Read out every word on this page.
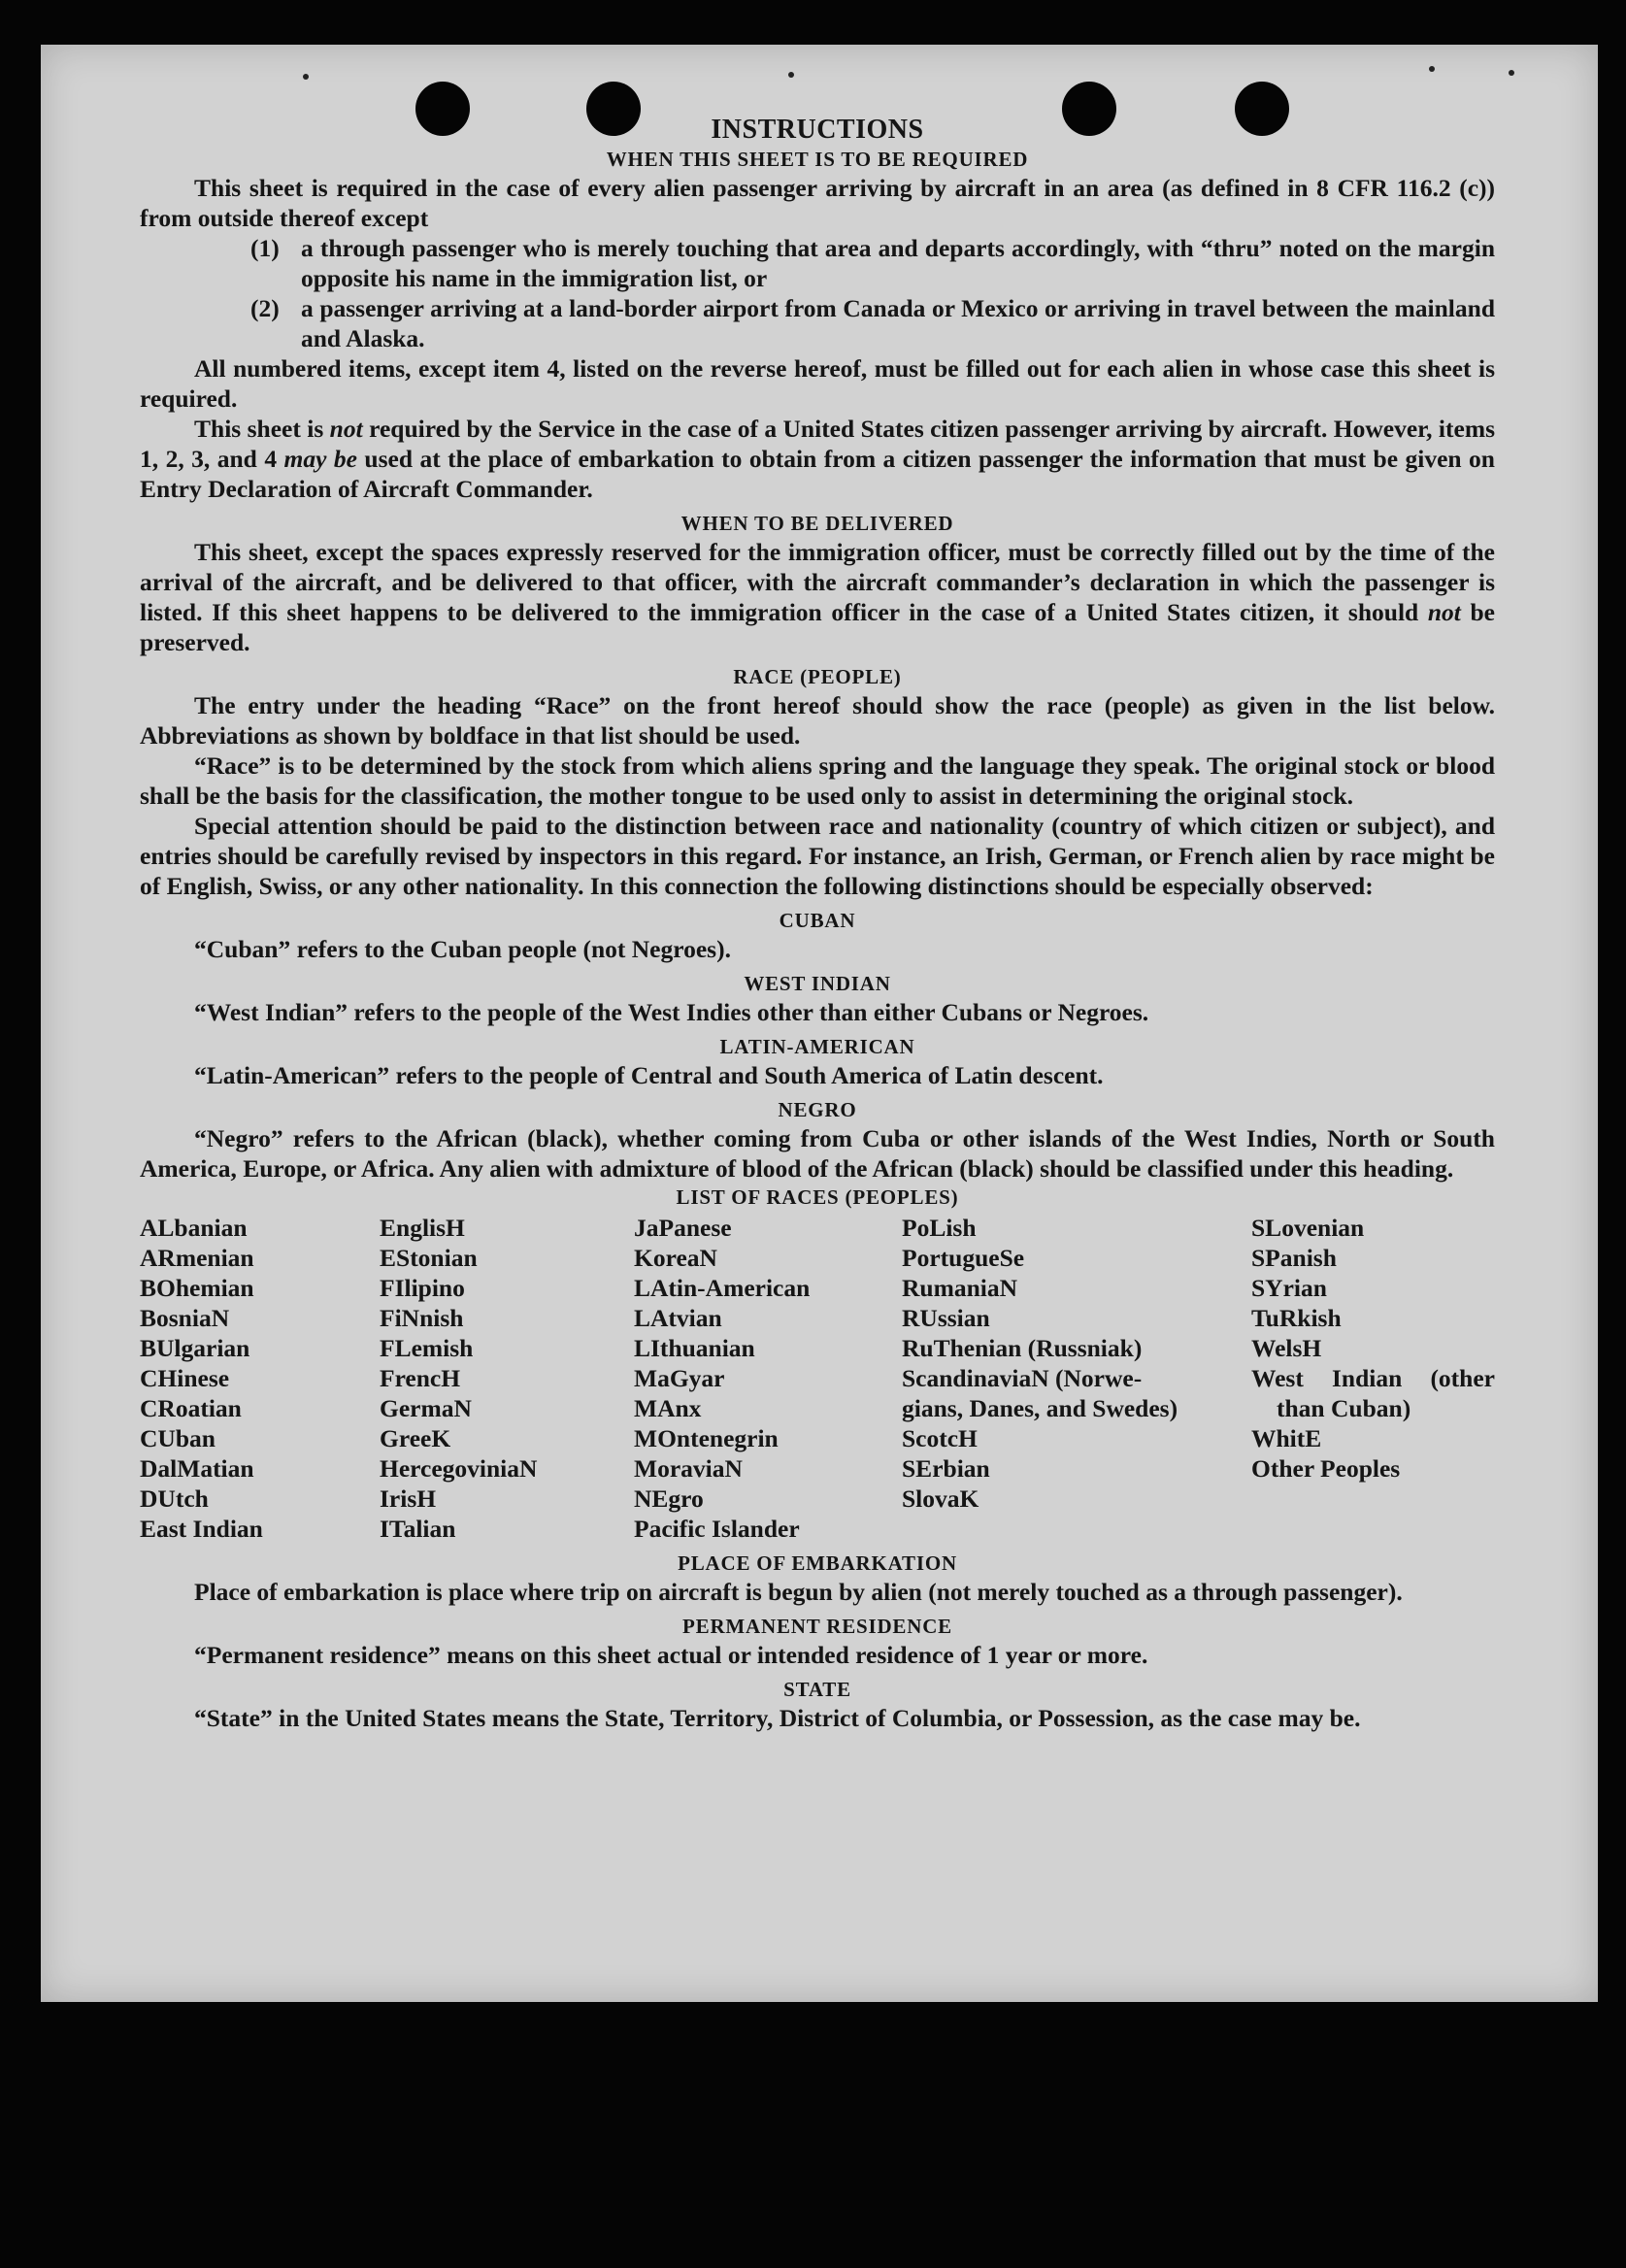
INSTRUCTIONS
WHEN THIS SHEET IS TO BE REQUIRED

This sheet is required in the case of every alien passenger arriving by aircraft in an area (as defined in 8 CFR 116.2 (c)) from outside thereof except

(1) a through passenger who is merely touching that area and departs accordingly, with “thru” noted on the margin opposite his name in the immigration list, or
(2) a passenger arriving at a land-border airport from Canada or Mexico or arriving in travel between the mainland and Alaska.

All numbered items, except item 4, listed on the reverse hereof, must be filled out for each alien in whose case this sheet is required.

This sheet is not required by the Service in the case of a United States citizen passenger arriving by aircraft. However, items 1, 2, 3, and 4 may be used at the place of embarkation to obtain from a citizen passenger the information that must be given on Entry Declaration of Aircraft Commander.

WHEN TO BE DELIVERED

This sheet, except the spaces expressly reserved for the immigration officer, must be correctly filled out by the time of the arrival of the aircraft, and be delivered to that officer, with the aircraft commander’s declaration in which the passenger is listed. If this sheet happens to be delivered to the immigration officer in the case of a United States citizen, it should not be preserved.

RACE (PEOPLE)

The entry under the heading “Race” on the front hereof should show the race (people) as given in the list below. Abbreviations as shown by boldface in that list should be used.

“Race” is to be determined by the stock from which aliens spring and the language they speak. The original stock or blood shall be the basis for the classification, the mother tongue to be used only to assist in determining the original stock.

Special attention should be paid to the distinction between race and nationality (country of which citizen or subject), and entries should be carefully revised by inspectors in this regard. For instance, an Irish, German, or French alien by race might be of English, Swiss, or any other nationality. In this connection the following distinctions should be especially observed:

CUBAN

“Cuban” refers to the Cuban people (not Negroes).

WEST INDIAN

“West Indian” refers to the people of the West Indies other than either Cubans or Negroes.

LATIN-AMERICAN

“Latin-American” refers to the people of Central and South America of Latin descent.

NEGRO

“Negro” refers to the African (black), whether coming from Cuba or other islands of the West Indies, North or South America, Europe, or Africa. Any alien with admixture of blood of the African (black) should be classified under this heading.

LIST OF RACES (PEOPLES)
ALbanian
ARmenian
BOhemian
BosniaN
BUlgarian
CHinese
CRoatian
CUban
DalMatian
DUtch
East Indian
EnglisH
EStonian
FIlipino
FiNnish
FLemish
FrencH
GermaN
GreeK
HercegoviniaN
IrisH
ITalian
JaPanese
KoreaN
LAtin-American
LAtvian
LIthuanian
MaGyar
MAnx
MOntenegrin
MoraviaN
NEgro
Pacific Islander
PoLish
PortugueSe
RumaniaN
RUssian
RuThenian (Russniak)
ScandinaviaN (Norwe-
gians, Danes, and Swedes)
ScotcH
SErbian
SlovaK
SLovenian
SPanish
SYrian
TuRkish
WelsH
West Indian (other than Cuban)
WhitE
Other Peoples
PLACE OF EMBARKATION

Place of embarkation is place where trip on aircraft is begun by alien (not merely touched as a through passenger).

PERMANENT RESIDENCE

“Permanent residence” means on this sheet actual or intended residence of 1 year or more.

STATE

“State” in the United States means the State, Territory, District of Columbia, or Possession, as the case may be.
